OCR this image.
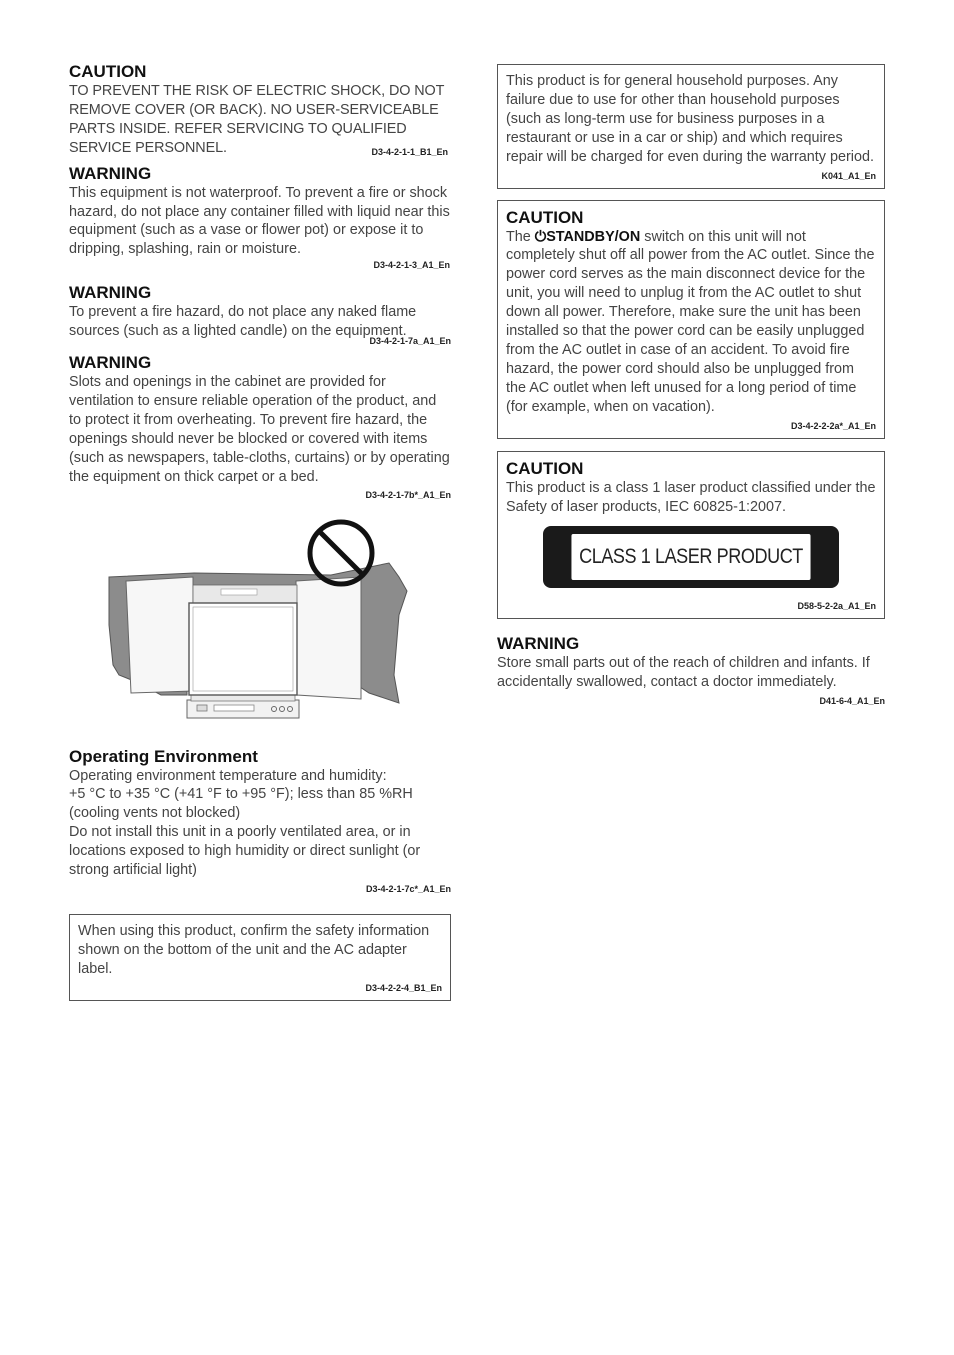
CAUTION

TO PREVENT THE RISK OF ELECTRIC SHOCK, DO NOT REMOVE COVER (OR BACK). NO USER-SERVICEABLE PARTS INSIDE. REFER SERVICING TO QUALIFIED SERVICE PERSONNEL.	D3-4-2-1-1_B1_En

WARNING

This equipment is not waterproof. To prevent a fire or shock hazard, do not place any container filled with liquid near this equipment (such as a vase or flower pot) or expose it to dripping, splashing, rain or moisture.

D3-4-2-1-3_A1_En

WARNING

To prevent a fire hazard, do not place any naked flame sources (such as a lighted candle) on the equipment.

D3-4-2-1-7a_A1_En

WARNING

Slots and openings in the cabinet are provided for ventilation to ensure reliable operation of the product, and to protect it from overheating. To prevent fire hazard, the openings should never be blocked or covered with items (such as newspapers, table-cloths, curtains) or by operating the equipment on thick carpet or a bed.

D3-4-2-1-7b*_A1_En

Operating Environment

Operating environment temperature and humidity:

+5 °C to +35 °C (+41 °F to +95 °F); less than 85 %RH (cooling vents not blocked)

Do not install this unit in a poorly ventilated area, or in locations exposed to high humidity or direct sunlight (or strong artificial light)

D3-4-2-1-7c*_A1_En

When using this product, confirm the safety information shown on the bottom of the unit and the AC adapter label.

D3-4-2-2-4_B1_En

This product is for general household purposes. Any failure due to use for other than household purposes (such as long-term use for business purposes in a restaurant or use in a car or ship) and which requires repair will be charged for even during the warranty period.

K041_A1_En

CAUTION

The ⏻STANDBY/ON switch on this unit will not completely shut off all power from the AC outlet. Since the power cord serves as the main disconnect device for the unit, you will need to unplug it from the AC outlet to shut down all power. Therefore, make sure the unit has been installed so that the power cord can be easily unplugged from the AC outlet in case of an accident. To avoid fire hazard, the power cord should also be unplugged from the AC outlet when left unused for a long period of time (for example, when on vacation).

D3-4-2-2-2a*_A1_En

CAUTION

This product is a class 1 laser product classified under the Safety of laser products, IEC 60825-1:2007.

CLASS 1 LASER PRODUCT

D58-5-2-2a_A1_En

WARNING

Store small parts out of the reach of children and infants. If accidentally swallowed, contact a doctor immediately.

D41-6-4_A1_En
